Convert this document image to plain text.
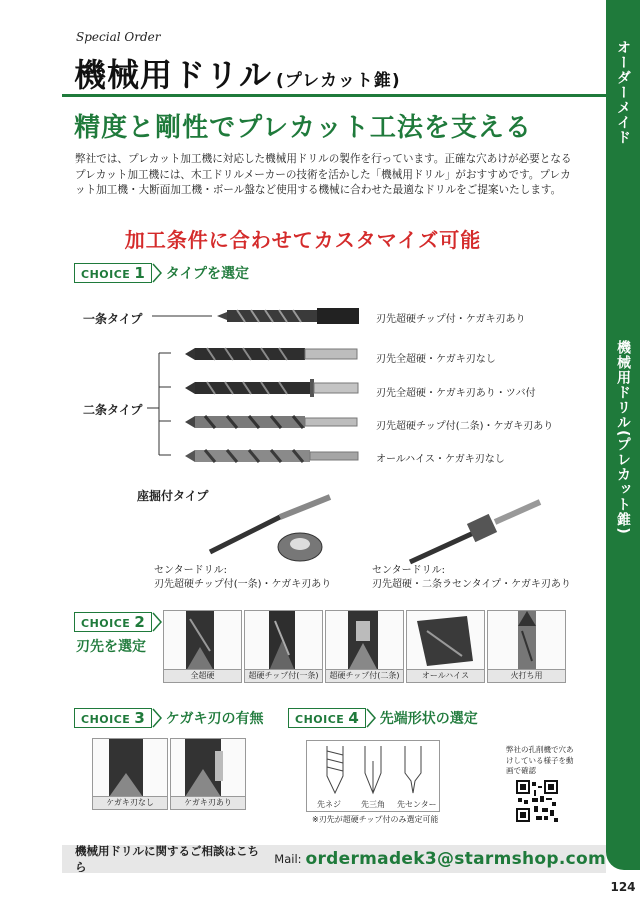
オーダーメイド
機械用ドリル(プレカット錐)
124
Special Order
機械用ドリル (プレカット錐)
精度と剛性でプレカット工法を支える
弊社では、プレカット加工機に対応した機械用ドリルの製作を行っています。正確な穴あけが必要となるプレカット加工機には、木工ドリルメーカーの技術を活かした「機械用ドリル」がおすすめです。プレカット加工機・大断面加工機・ボール盤など使用する機械に合わせた最適なドリルをご提案いたします。
加工条件に合わせてカスタマイズ可能
CHOICE 1 タイプを選定
一条タイプ	刃先超硬チップ付・ケガキ刃あり
二条タイプ
刃先全超硬・ケガキ刃なし
刃先全超硬・ケガキ刃あり・ツバ付
刃先超硬チップ付(二条)・ケガキ刃あり
オールハイス・ケガキ刃なし
座掘付タイプ
センタードリル:
刃先超硬チップ付(一条)・ケガキ刃あり
センタードリル:
刃先超硬・二条ラセンタイプ・ケガキ刃あり
CHOICE 2
刃先を選定
全超硬	超硬チップ付(一条)	超硬チップ付(二条)	オールハイス	火打ち用
CHOICE 3 ケガキ刃の有無
ケガキ刃なし	ケガキ刃あり
CHOICE 4 先端形状の選定
先ネジ	先三角 先センター
※刃先が超硬チップ付のみ選定可能
弊社の孔削機で穴あけしている様子を動画で確認
機械用ドリルに関するご相談はこちら
Mail: ordermadek3@starmshop.com
